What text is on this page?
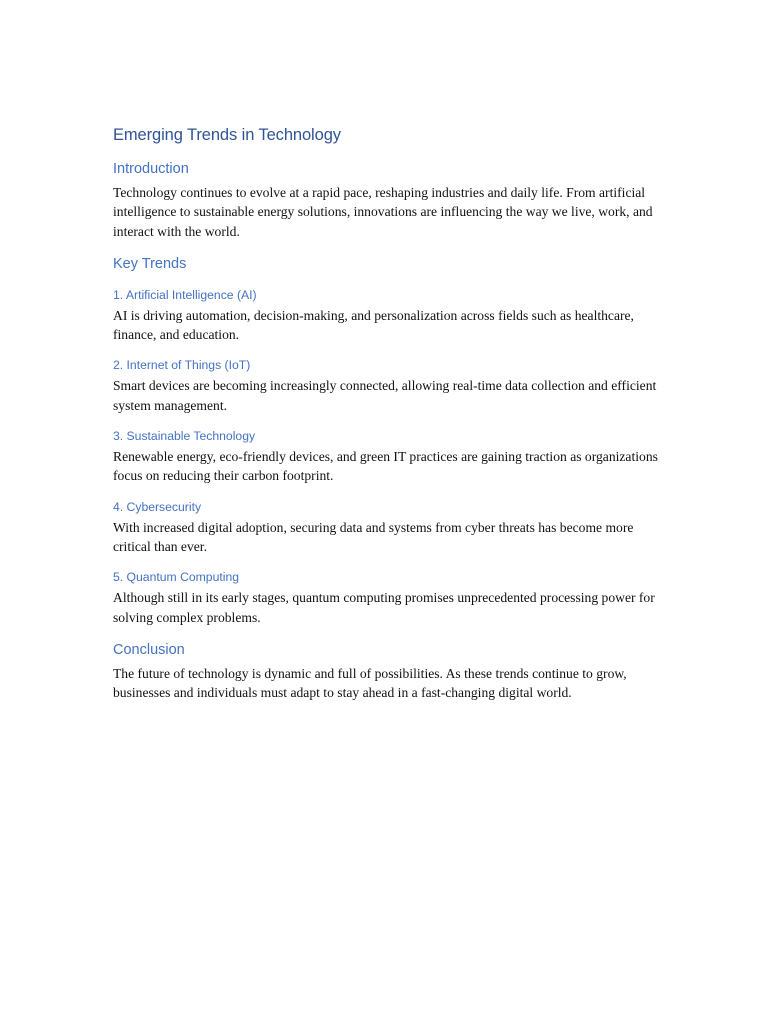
Emerging Trends in Technology
Introduction

Technology continues to evolve at a rapid pace, reshaping industries and daily life. From artificial intelligence to sustainable energy solutions, innovations are influencing the way we live, work, and interact with the world.

Key Trends
1. Artificial Intelligence (AI)

AI is driving automation, decision-making, and personalization across fields such as healthcare, finance, and education.

2. Internet of Things (IoT)

Smart devices are becoming increasingly connected, allowing real-time data collection and efficient system management.

3. Sustainable Technology

Renewable energy, eco-friendly devices, and green IT practices are gaining traction as organizations focus on reducing their carbon footprint.

4. Cybersecurity

With increased digital adoption, securing data and systems from cyber threats has become more critical than ever.

5. Quantum Computing

Although still in its early stages, quantum computing promises unprecedented processing power for solving complex problems.

Conclusion

The future of technology is dynamic and full of possibilities. As these trends continue to grow, businesses and individuals must adapt to stay ahead in a fast-changing digital world.
